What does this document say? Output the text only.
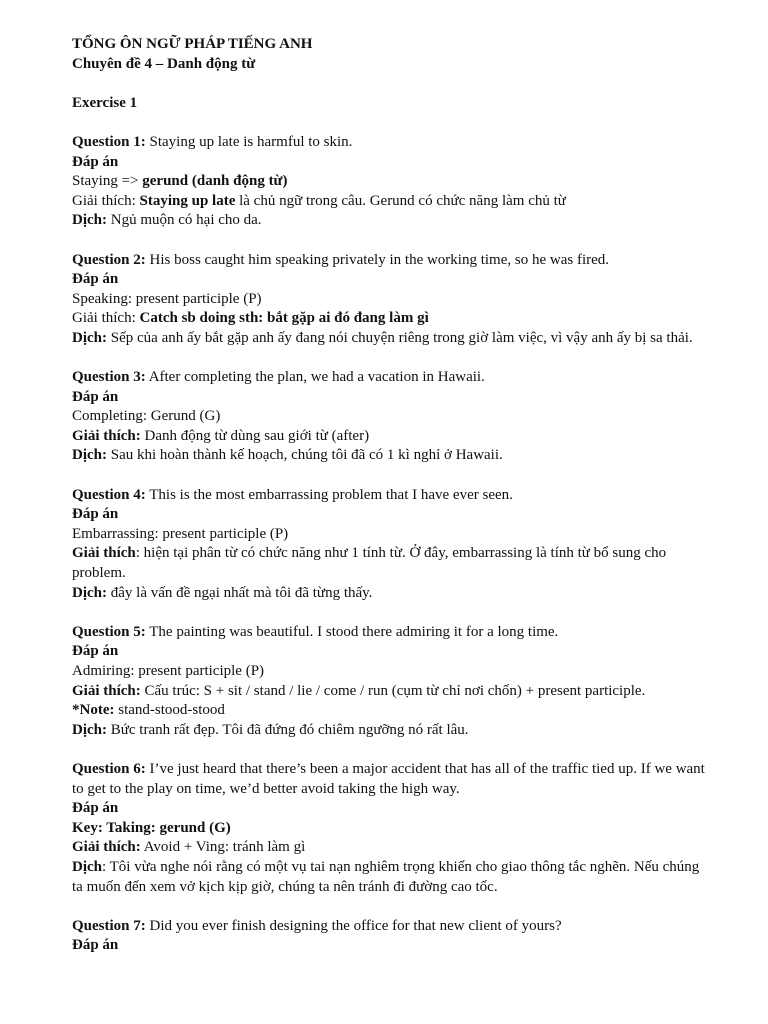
TỔNG ÔN NGỮ PHÁP TIẾNG ANH

Chuyên đề 4 – Danh động từ

Exercise 1

Question 1: Staying up late is harmful to skin.

Đáp án

Staying => gerund (danh động từ)

Giải thích: Staying up late là chủ ngữ trong câu. Gerund có chức năng làm chủ từ

Dịch: Ngủ muộn có hại cho da.

Question 2: His boss caught him speaking privately in the working time, so he was fired.

Đáp án

Speaking: present participle (P)

Giải thích: Catch sb doing sth: bắt gặp ai đó đang làm gì

Dịch: Sếp của anh ấy bắt gặp anh ấy đang nói chuyện riêng trong giờ làm việc, vì vậy anh ấy bị sa thải.

Question 3: After completing the plan, we had a vacation in Hawaii.

Đáp án

Completing: Gerund (G)

Giải thích: Danh động từ dùng sau giới từ (after)

Dịch: Sau khi hoàn thành kế hoạch, chúng tôi đã có 1 kì nghỉ ở Hawaii.

Question 4: This is the most embarrassing problem that I have ever seen.

Đáp án

Embarrassing: present participle (P)

Giải thích: hiện tại phân từ có chức năng như 1 tính từ. Ở đây, embarrassing là tính từ bổ sung cho problem.

Dịch: đây là vấn đề ngại nhất mà tôi đã từng thấy.

Question 5: The painting was beautiful. I stood there admiring it for a long time.

Đáp án

Admiring: present participle (P)

Giải thích: Cấu trúc: S + sit / stand / lie / come / run (cụm từ chỉ nơi chốn) + present participle.

*Note: stand-stood-stood

Dịch: Bức tranh rất đẹp. Tôi đã đứng đó chiêm ngưỡng nó rất lâu.

Question 6: I’ve just heard that there’s been a major accident that has all of the traffic tied up. If we want to get to the play on time, we’d better avoid taking the high way.

Đáp án

Key: Taking: gerund (G)

Giải thích: Avoid + Ving: tránh làm gì

Dịch: Tôi vừa nghe nói rằng có một vụ tai nạn nghiêm trọng khiến cho giao thông tắc nghẽn. Nếu chúng ta muốn đến xem vở kịch kịp giờ, chúng ta nên tránh đi đường cao tốc.

Question 7: Did you ever finish designing the office for that new client of yours?

Đáp án
